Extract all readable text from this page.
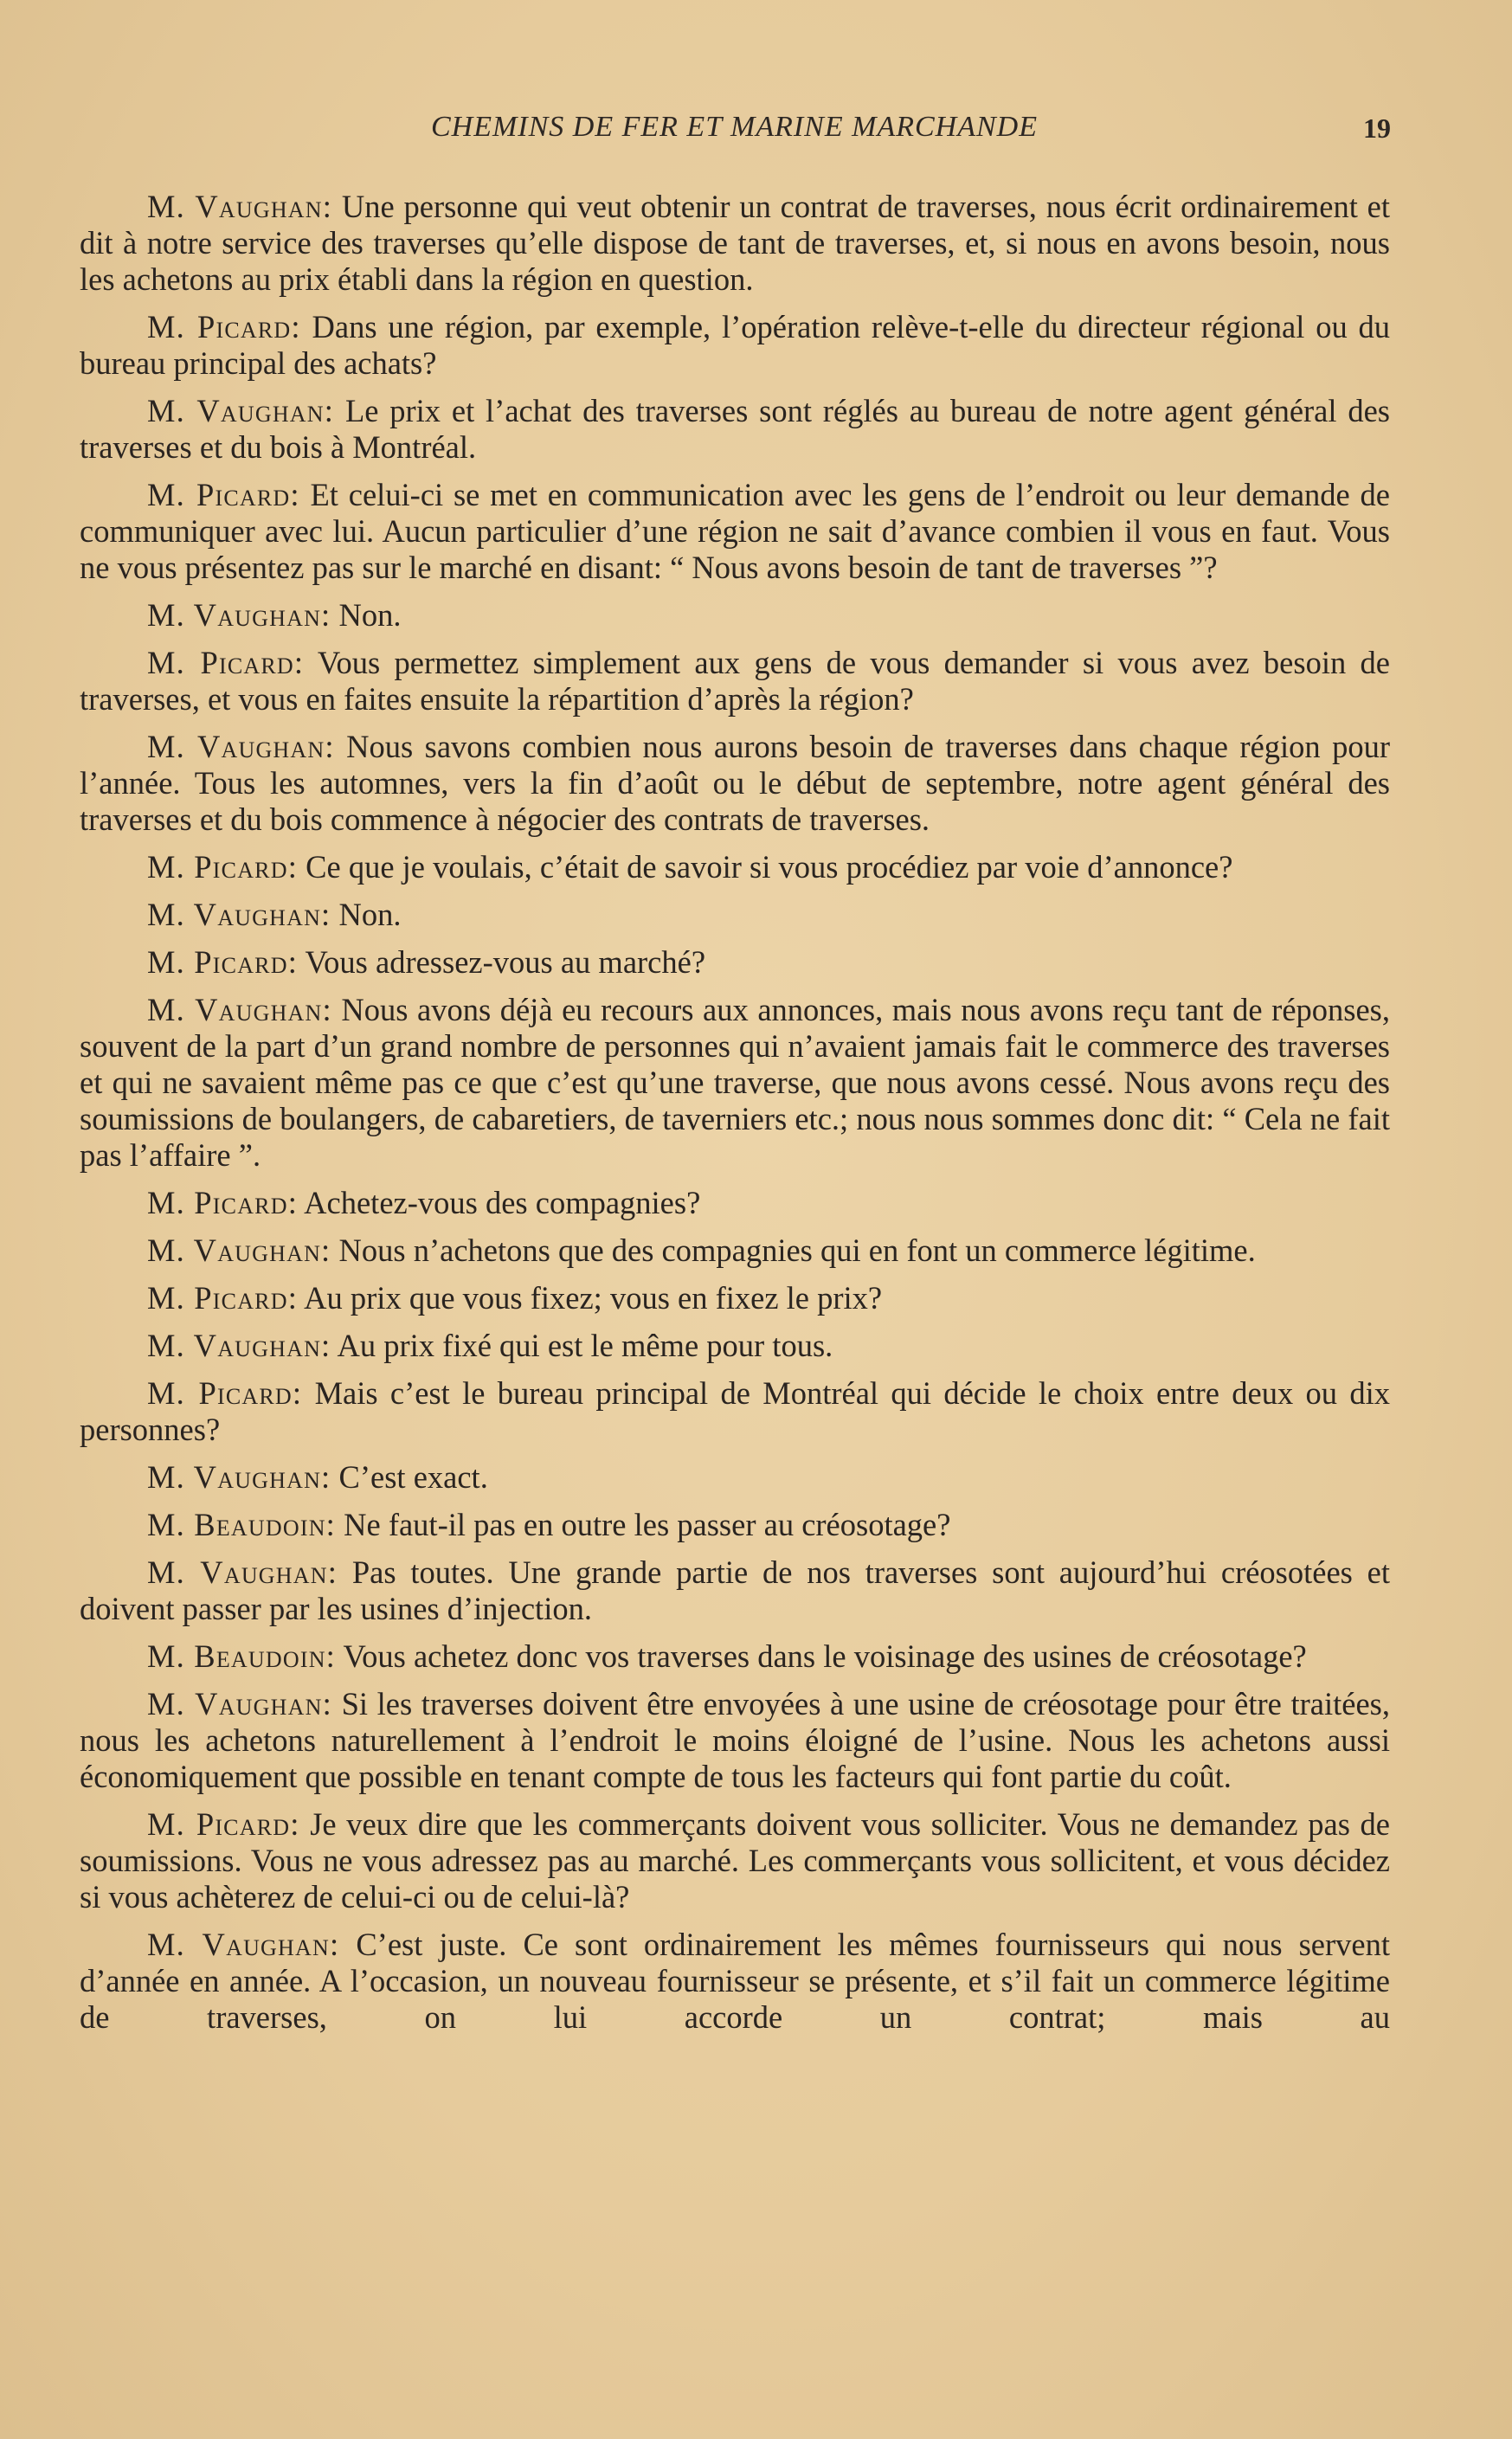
CHEMINS DE FER ET MARINE MARCHANDE	19

M. Vaughan: Une personne qui veut obtenir un contrat de traverses, nous écrit ordinairement et dit à notre service des traverses qu’elle dispose de tant de traverses, et, si nous en avons besoin, nous les achetons au prix établi dans la région en question.

M. Picard: Dans une région, par exemple, l’opération relève-t-elle du directeur régional ou du bureau principal des achats?

M. Vaughan: Le prix et l’achat des traverses sont réglés au bureau de notre agent général des traverses et du bois à Montréal.

M. Picard: Et celui-ci se met en communication avec les gens de l’endroit ou leur demande de communiquer avec lui. Aucun particulier d’une région ne sait d’avance combien il vous en faut. Vous ne vous présentez pas sur le marché en disant: “ Nous avons besoin de tant de traverses ”?

M. Vaughan: Non.

M. Picard: Vous permettez simplement aux gens de vous demander si vous avez besoin de traverses, et vous en faites ensuite la répartition d’après la région?

M. Vaughan: Nous savons combien nous aurons besoin de traverses dans chaque région pour l’année. Tous les automnes, vers la fin d’août ou le début de septembre, notre agent général des traverses et du bois commence à négocier des contrats de traverses.

M. Picard: Ce que je voulais, c’était de savoir si vous procédiez par voie d’annonce?

M. Vaughan: Non.

M. Picard: Vous adressez-vous au marché?

M. Vaughan: Nous avons déjà eu recours aux annonces, mais nous avons reçu tant de réponses, souvent de la part d’un grand nombre de personnes qui n’avaient jamais fait le commerce des traverses et qui ne savaient même pas ce que c’est qu’une traverse, que nous avons cessé. Nous avons reçu des soumissions de boulangers, de cabaretiers, de taverniers etc.; nous nous sommes donc dit: “ Cela ne fait pas l’affaire ”.

M. Picard: Achetez-vous des compagnies?

M. Vaughan: Nous n’achetons que des compagnies qui en font un commerce légitime.

M. Picard: Au prix que vous fixez; vous en fixez le prix?

M. Vaughan: Au prix fixé qui est le même pour tous.

M. Picard: Mais c’est le bureau principal de Montréal qui décide le choix entre deux ou dix personnes?

M. Vaughan: C’est exact.

M. Beaudoin: Ne faut-il pas en outre les passer au créosotage?

M. Vaughan: Pas toutes. Une grande partie de nos traverses sont aujourd’hui créosotées et doivent passer par les usines d’injection.

M. Beaudoin: Vous achetez donc vos traverses dans le voisinage des usines de créosotage?

M. Vaughan: Si les traverses doivent être envoyées à une usine de créosotage pour être traitées, nous les achetons naturellement à l’endroit le moins éloigné de l’usine. Nous les achetons aussi économiquement que possible en tenant compte de tous les facteurs qui font partie du coût.

M. Picard: Je veux dire que les commerçants doivent vous solliciter. Vous ne demandez pas de soumissions. Vous ne vous adressez pas au marché. Les commerçants vous sollicitent, et vous décidez si vous achèterez de celui-ci ou de celui-là?

M. Vaughan: C’est juste. Ce sont ordinairement les mêmes fournisseurs qui nous servent d’année en année. A l’occasion, un nouveau fournisseur se présente, et s’il fait un commerce légitime de traverses, on lui accorde un contrat; mais au
